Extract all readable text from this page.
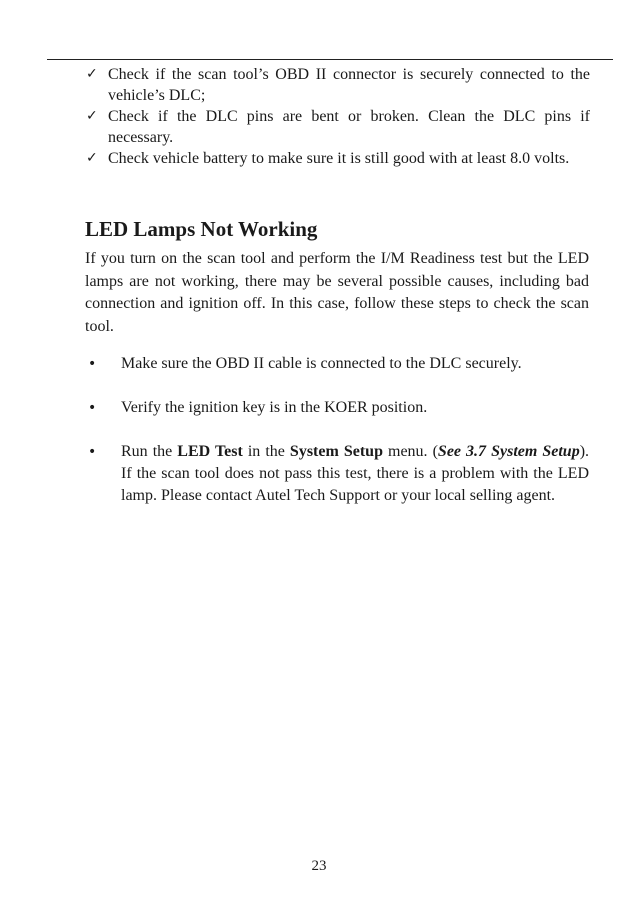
✓ Check if the scan tool’s OBD II connector is securely connected to the vehicle’s DLC;
✓ Check if the DLC pins are bent or broken. Clean the DLC pins if necessary.
✓ Check vehicle battery to make sure it is still good with at least 8.0 volts.
LED Lamps Not Working

If you turn on the scan tool and perform the I/M Readiness test but the LED lamps are not working, there may be several possible causes, including bad connection and ignition off. In this case, follow these steps to check the scan tool.

• Make sure the OBD II cable is connected to the DLC securely.
• Verify the ignition key is in the KOER position.
• Run the LED Test in the System Setup menu. (See 3.7 System Setup). If the scan tool does not pass this test, there is a problem with the LED lamp. Please contact Autel Tech Support or your local selling agent.
23
